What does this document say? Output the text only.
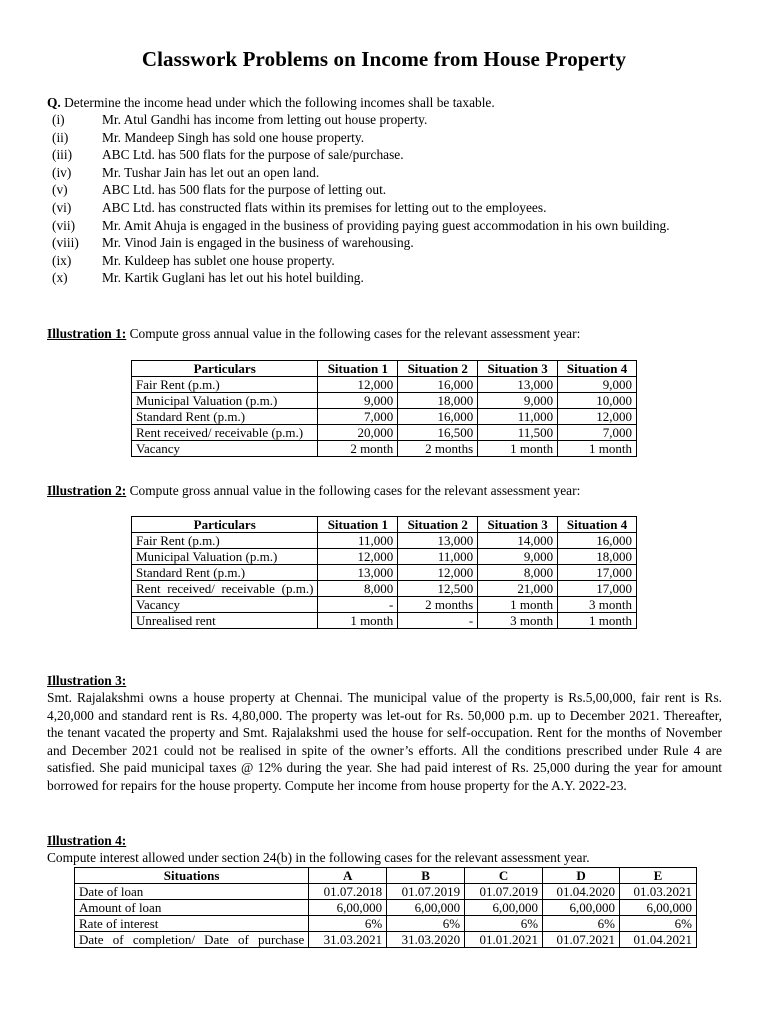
Classwork Problems on Income from House Property
Q. Determine the income head under which the following incomes shall be taxable.
(i)	Mr. Atul Gandhi has income from letting out house property.
(ii)	Mr. Mandeep Singh has sold one house property.
(iii)	ABC Ltd. has 500 flats for the purpose of sale/purchase.
(iv)	Mr. Tushar Jain has let out an open land.
(v)	ABC Ltd. has 500 flats for the purpose of letting out.
(vi)	ABC Ltd. has constructed flats within its premises for letting out to the employees.
(vii)	Mr. Amit Ahuja is engaged in the business of providing paying guest accommodation in his own building.
(viii)	Mr. Vinod Jain is engaged in the business of warehousing.
(ix)	Mr. Kuldeep has sublet one house property.
(x)	Mr. Kartik Guglani has let out his hotel building.
Illustration 1: Compute gross annual value in the following cases for the relevant assessment year:
Particulars	Situation 1	Situation 2	Situation 3	Situation 4
Fair Rent (p.m.)	12,000	16,000	13,000	9,000
Municipal Valuation (p.m.)	9,000	18,000	9,000	10,000
Standard Rent (p.m.)	7,000	16,000	11,000	12,000
Rent received/ receivable (p.m.)	20,000	16,500	11,500	7,000
Vacancy	2 month	2 months	1 month	1 month
Illustration 2: Compute gross annual value in the following cases for the relevant assessment year:
Particulars	Situation 1	Situation 2	Situation 3	Situation 4
Fair Rent (p.m.)	11,000	13,000	14,000	16,000
Municipal Valuation (p.m.)	12,000	11,000	9,000	18,000
Standard Rent (p.m.)	13,000	12,000	8,000	17,000
Rent received/ receivable (p.m.)	8,000	12,500	21,000	17,000
Vacancy	-	2 months	1 month	3 month
Unrealised rent	1 month	-	3 month	1 month
Illustration 3:
Smt. Rajalakshmi owns a house property at Chennai. The municipal value of the property is Rs.5,00,000, fair rent is Rs. 4,20,000 and standard rent is Rs. 4,80,000. The property was let-out for Rs. 50,000 p.m. up to December 2021. Thereafter, the tenant vacated the property and Smt. Rajalakshmi used the house for self-occupation. Rent for the months of November and December 2021 could not be realised in spite of the owner’s efforts. All the conditions prescribed under Rule 4 are satisfied. She paid municipal taxes @ 12% during the year. She had paid interest of Rs. 25,000 during the year for amount borrowed for repairs for the house property. Compute her income from house property for the A.Y. 2022-23.
Illustration 4:
Compute interest allowed under section 24(b) in the following cases for the relevant assessment year.
Situations	A	B	C	D	E
Date of loan	01.07.2018	01.07.2019	01.07.2019	01.04.2020	01.03.2021
Amount of loan	6,00,000	6,00,000	6,00,000	6,00,000	6,00,000
Rate of interest	6%	6%	6%	6%	6%
Date of completion/ Date of purchase	31.03.2021	31.03.2020	01.01.2021	01.07.2021	01.04.2021
